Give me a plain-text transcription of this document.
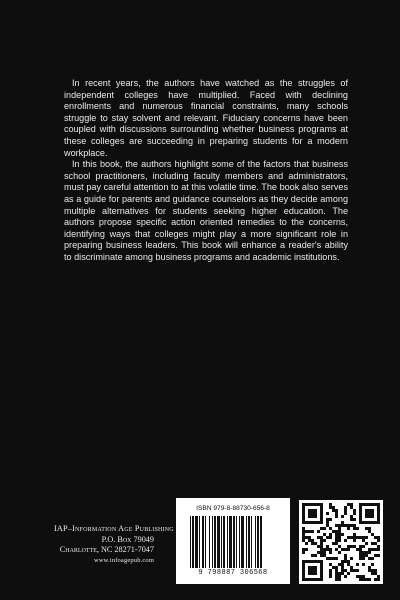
In recent years, the authors have watched as the struggles of independent colleges have multiplied. Faced with declining enrollments and numerous financial constraints, many schools struggle to stay solvent and relevant. Fiduciary concerns have been coupled with discussions surrounding whether business programs at these colleges are succeeding in preparing students for a modern workplace.

In this book, the authors highlight some of the factors that business school practitioners, including faculty members and administrators, must pay careful attention to at this volatile time. The book also serves as a guide for parents and guidance counselors as they decide among multiple alternatives for students seeking higher education. The authors propose specific action oriented remedies to the concerns, identifying ways that colleges might play a more significant role in preparing business leaders. This book will enhance a reader's ability to discriminate among business programs and academic institutions.

IAP–Information Age Publishing
P.O. Box 79049
Charlotte, NC 28271-7047
www.infoagepub.com
ISBN 979-8-88730-656-8
9 798887 306568
